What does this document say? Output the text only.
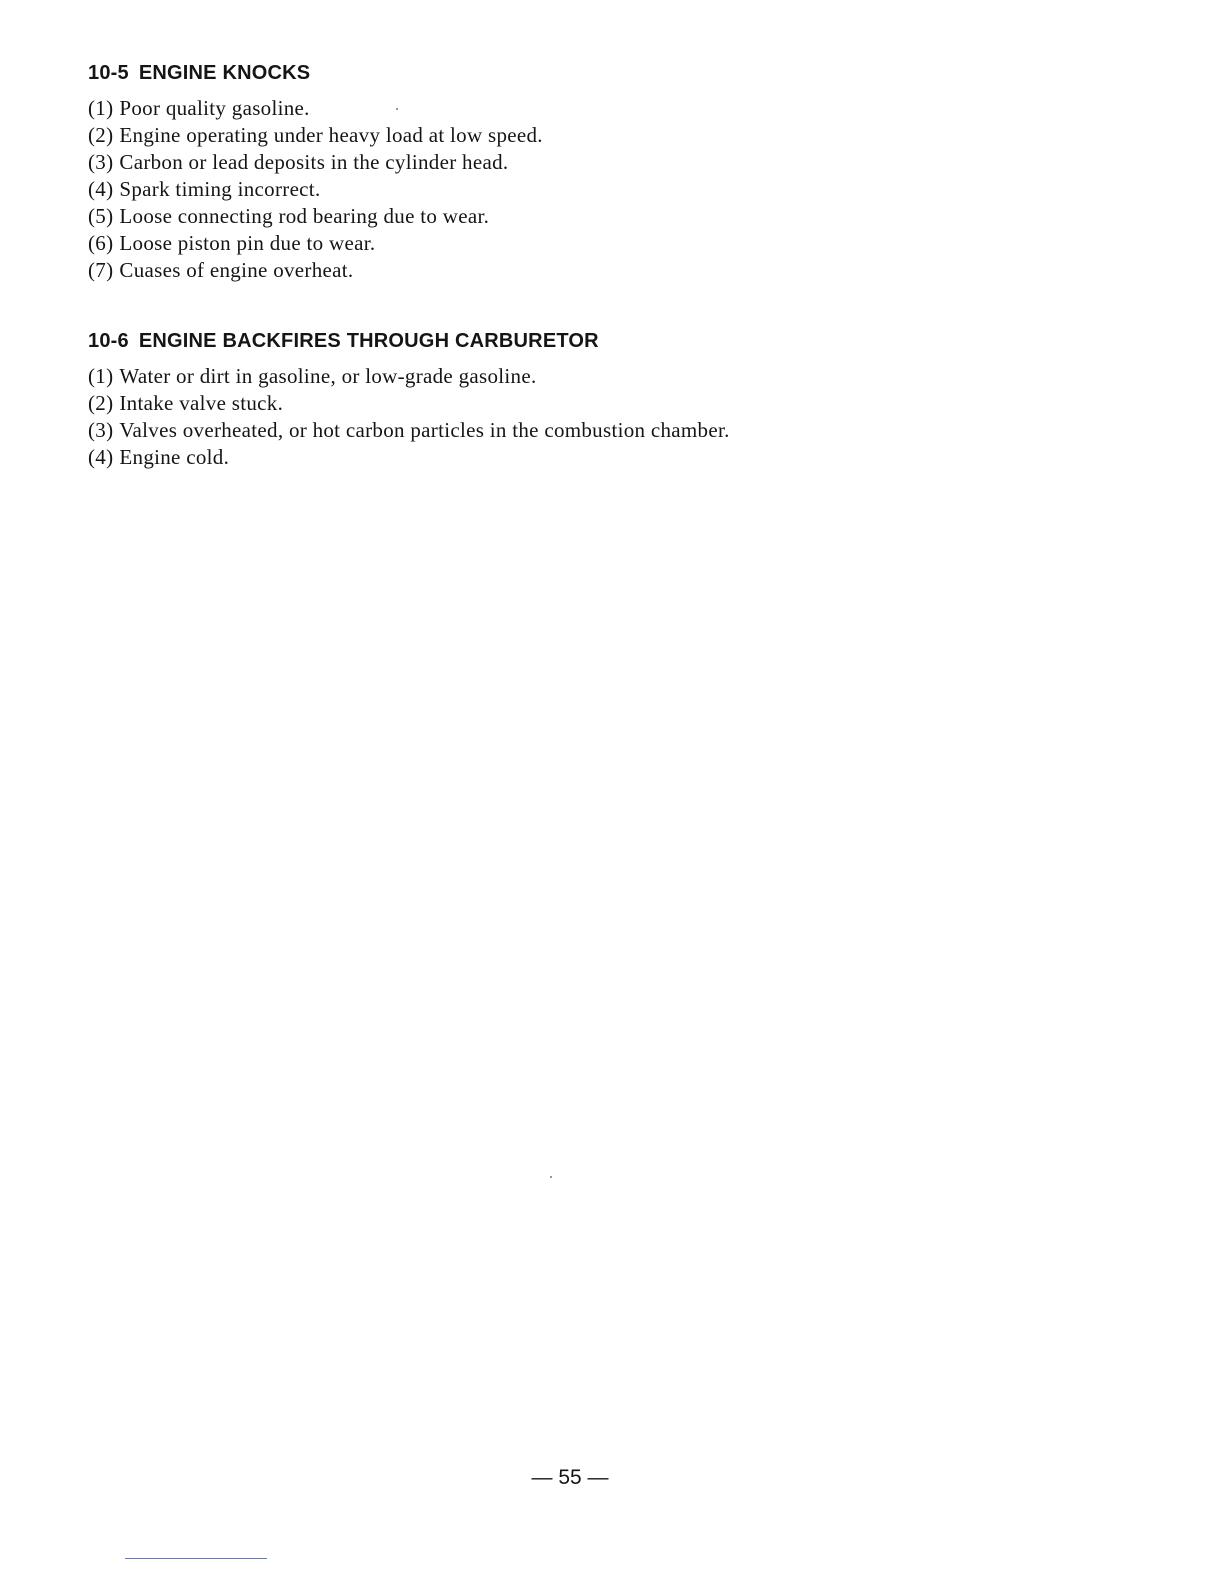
10-5 ENGINE KNOCKS
(1) Poor quality gasoline.
(2) Engine operating under heavy load at low speed.
(3) Carbon or lead deposits in the cylinder head.
(4) Spark timing incorrect.
(5) Loose connecting rod bearing due to wear.
(6) Loose piston pin due to wear.
(7) Cuases of engine overheat.
10-6 ENGINE BACKFIRES THROUGH CARBURETOR
(1) Water or dirt in gasoline, or low-grade gasoline.
(2) Intake valve stuck.
(3) Valves overheated, or hot carbon particles in the combustion chamber.
(4) Engine cold.
— 55 —
